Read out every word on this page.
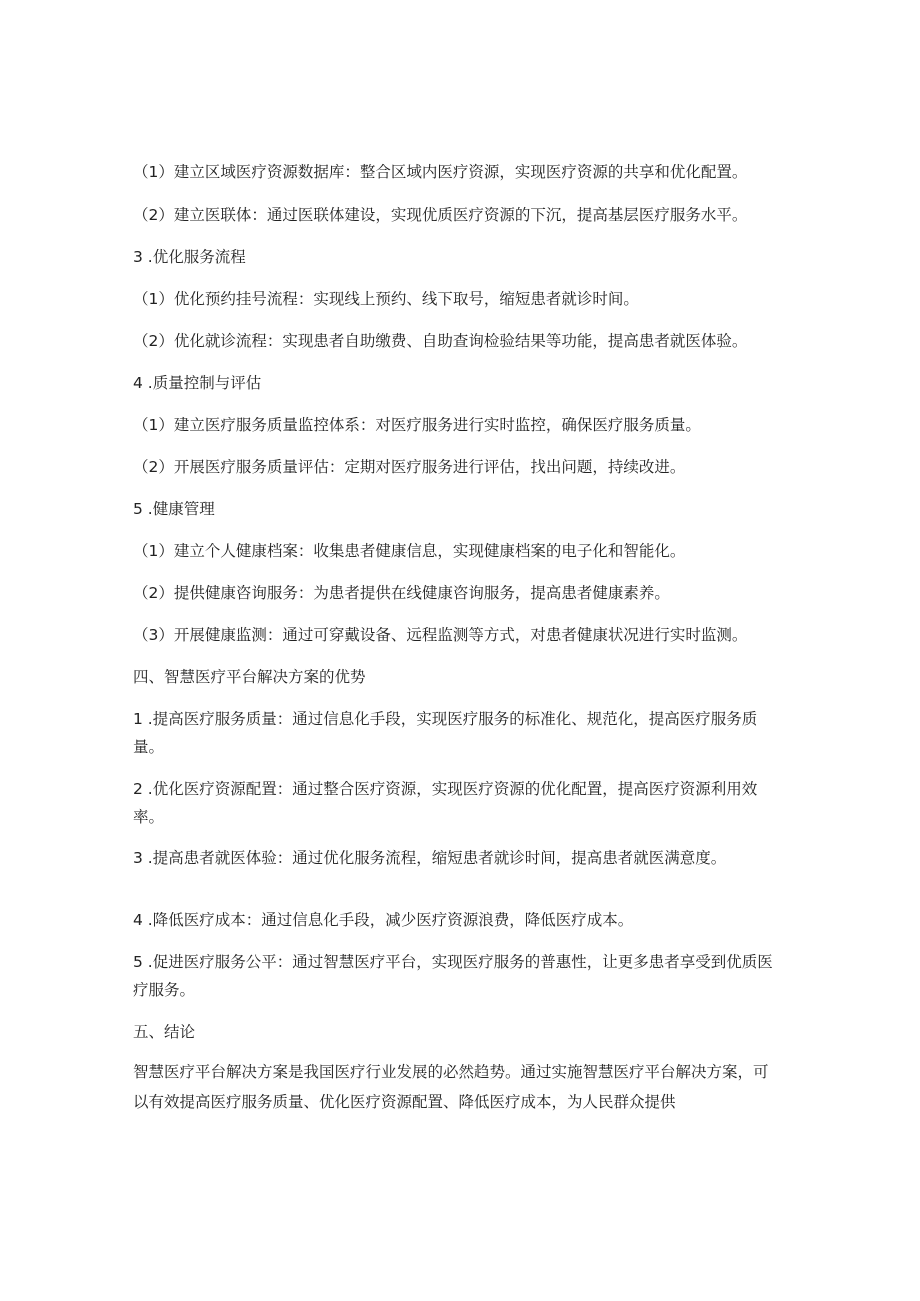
（1）建立区域医疗资源数据库：整合区域内医疗资源，实现医疗资源的共享和优化配置。

（2）建立医联体：通过医联体建设，实现优质医疗资源的下沉，提高基层医疗服务水平。

3 .优化服务流程

（1）优化预约挂号流程：实现线上预约、线下取号，缩短患者就诊时间。

（2）优化就诊流程：实现患者自助缴费、自助查询检验结果等功能，提高患者就医体验。

4 .质量控制与评估

（1）建立医疗服务质量监控体系：对医疗服务进行实时监控，确保医疗服务质量。

（2）开展医疗服务质量评估：定期对医疗服务进行评估，找出问题，持续改进。

5 .健康管理

（1）建立个人健康档案：收集患者健康信息，实现健康档案的电子化和智能化。

（2）提供健康咨询服务：为患者提供在线健康咨询服务，提高患者健康素养。

（3）开展健康监测：通过可穿戴设备、远程监测等方式，对患者健康状况进行实时监测。

四、智慧医疗平台解决方案的优势

1 .提高医疗服务质量：通过信息化手段，实现医疗服务的标准化、规范化，提高医疗服务质量。

2 .优化医疗资源配置：通过整合医疗资源，实现医疗资源的优化配置，提高医疗资源利用效率。

3 .提高患者就医体验：通过优化服务流程，缩短患者就诊时间，提高患者就医满意度。

4 .降低医疗成本：通过信息化手段，减少医疗资源浪费，降低医疗成本。

5 .促进医疗服务公平：通过智慧医疗平台，实现医疗服务的普惠性，让更多患者享受到优质医疗服务。

五、结论

智慧医疗平台解决方案是我国医疗行业发展的必然趋势。通过实施智慧医疗平台解决方案，可以有效提高医疗服务质量、优化医疗资源配置、降低医疗成本，为人民群众提供
